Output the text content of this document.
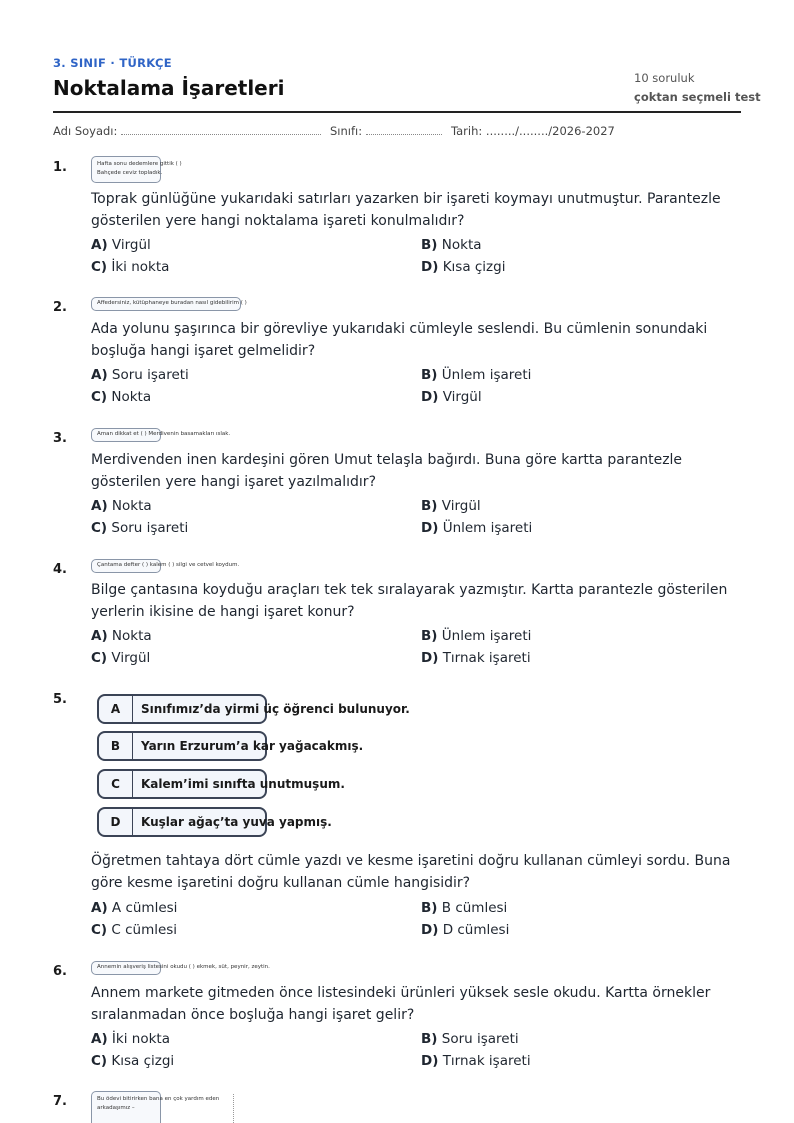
3. SINIF · TÜRKÇE
Noktalama İşaretleri	10 soruluk
çoktan seçmeli test
Adı Soyadı:	Sınıfı:	Tarih: ......../......../2026-2027
1.	Hafta sonu dedemlere gittik ( )
Bahçede ceviz topladık.
Toprak günlüğüne yukarıdaki satırları yazarken bir işareti koymayı unutmuştur. Parantezle gösterilen yere hangi noktalama işareti konulmalıdır?
A) Virgül	B) Nokta
C) İki nokta	D) Kısa çizgi
2.	Affedersiniz, kütüphaneye buradan nasıl gidebilirim ( )
Ada yolunu şaşırınca bir görevliye yukarıdaki cümleyle seslendi. Bu cümlenin sonundaki boşluğa hangi işaret gelmelidir?
A) Soru işareti	B) Ünlem işareti
C) Nokta	D) Virgül
3.	Aman dikkat et ( ) Merdivenin basamakları ıslak.
Merdivenden inen kardeşini gören Umut telaşla bağırdı. Buna göre kartta parantezle gösterilen yere hangi işaret yazılmalıdır?
A) Nokta	B) Virgül
C) Soru işareti	D) Ünlem işareti
4.	Çantama defter ( ) kalem ( ) silgi ve cetvel koydum.
Bilge çantasına koyduğu araçları tek tek sıralayarak yazmıştır. Kartta parantezle gösterilen yerlerin ikisine de hangi işaret konur?
A) Nokta	B) Ünlem işareti
C) Virgül	D) Tırnak işareti
5.
A	Sınıfımız’da yirmi üç öğrenci bulunuyor.
B	Yarın Erzurum’a kar yağacakmış.
C	Kalem’imi sınıfta unutmuşum.
D	Kuşlar ağaç’ta yuva yapmış.
Öğretmen tahtaya dört cümle yazdı ve kesme işaretini doğru kullanan cümleyi sordu. Buna göre kesme işaretini doğru kullanan cümle hangisidir?
A) A cümlesi	B) B cümlesi
C) C cümlesi	D) D cümlesi
6.	Annemin alışveriş listesini okudu ( ) ekmek, süt, peynir, zeytin.
Annem markete gitmeden önce listesindeki ürünleri yüksek sesle okudu. Kartta örnekler sıralanmadan önce boşluğa hangi işaret gelir?
A) İki nokta	B) Soru işareti
C) Kısa çizgi	D) Tırnak işareti
7.	Bu ödevi bitirirken bana en çok yardım eden
arkadaşımız –
